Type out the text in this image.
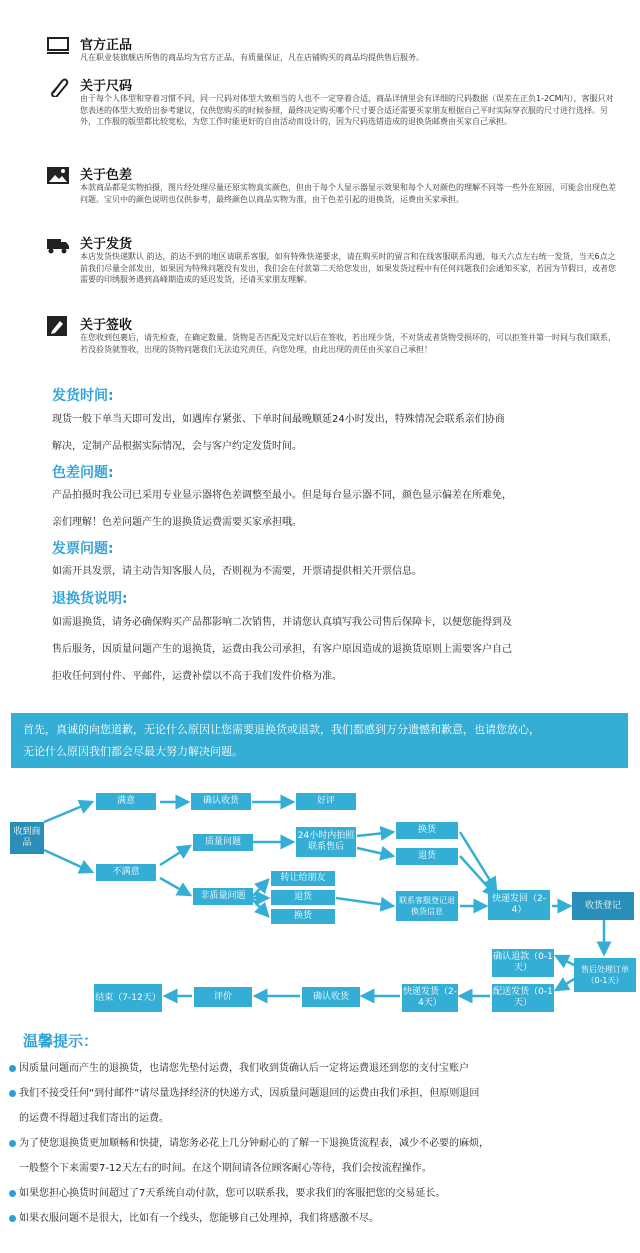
官方正品
凡在职业装旗舰店所售的商品均为官方正品，有质量保证，凡在店铺购买的商品均提供售后服务。
关于尺码
由于每个人体型和穿着习惯不同，同一尺码对体型大致相当的人也不一定穿着合适，商品详情里会有详细的尺码数据（误差在正负1-2CM内），客服只对您表述的体型大致给出参考建议，仅供您购买的时候参照，最终决定购买哪个尺寸要合适还需要买家朋友根据自己平时实际穿衣服的尺寸进行选择。另外，工作服的版型都比较宽松，为您工作时能更好的自由活动而设计的，因为尺码选错造成的退换货邮费由买家自己承担。
关于色差
本款商品都是实物拍摄，图片经处理尽量还原实物真实颜色，但由于每个人显示器显示效果和每个人对颜色的理解不同等一些外在原因，可能会出现色差问题。宝贝中的颜色说明也仅供参考，最终颜色以商品实物为准，由于色差引起的退换货，运费由买家承担。
关于发货
本店发货快递默认 韵达，韵达不到的地区请联系客服，如有特殊快递要求，请在购买时的留言和在线客服联系沟通，每天六点左右统一发货，当天6点之前我们尽量全部发出，如果因为特殊问题没有发出，我们会在付款第二天给您发出，如果发货过程中有任何问题我们会通知买家，若因为节假日，或者您需要的印绣服务遇到高峰期造成的延迟发货，还请买家朋友理解。
关于签收
在您收到包裹后，请先检查，在确定数量、货物是否匹配及完好以后在签收，若出现少货，不对货或者货物受损坏的，可以拒签并第一时间与我们联系，若没验货就签收，出现的货物问题我们无法追究责任，向您处理，由此出现的责任由买家自己承担！
发货时间:
现货一般下单当天即可发出，如遇库存紧张、下单时间最晚顺延24小时发出，特殊情况会联系亲们协商
解决，定制产品根据实际情况，会与客户约定发货时间。
色差问题:
产品拍摄时我公司已采用专业显示器将色差调整至最小。但是每台显示器不同，颜色显示偏差在所难免，
亲们理解！色差问题产生的退换货运费需要买家承担哦。
发票问题:
如需开具发票，请主动告知客服人员，否则视为不需要，开票请提供相关开票信息。
退换货说明:
如需退换货，请务必确保购买产品都影响二次销售，并请您认真填写我公司售后保障卡，以便您能得到及
售后服务，因质量问题产生的退换货，运费由我公司承担，有客户原因造成的退换货原则上需要客户自己
拒收任何到付件、平邮件，运费补偿以不高于我们发件价格为准。
首先，真诚的向您道歉，无论什么原因让您需要退换货或退款，我们都感到万分遗憾和歉意，也请您放心，
无论什么原因我们都会尽最大努力解决问题。
收到商品
满意	确认收货	好评
不满意
质量问题
24小时内拍照联系售后
换货
退货
非质量问题
转让给朋友
退货
换货
联系客服登记退换货信息
快递发回（2-4）	收货登记
售后处理订单（0-1天）
确认退款（0-1天）
配送发货（0-1天）
快递发货（2-4天）
确认收货
评价
结束（7-12天）
温馨提示：
因质量问题而产生的退换货，也请您先垫付运费，我们收到货确认后一定将运费退还到您的支付宝账户
我们不接受任何“到付邮件”请尽量选择经济的快递方式，因质量问题退回的运费由我们承担，但原则退回
的运费不得超过我们寄出的运费。
为了使您退换货更加顺畅和快捷，请您务必花上几分钟耐心的了解一下退换货流程表，减少不必要的麻烦，
一般整个下来需要7-12天左右的时间。在这个期间请各位顾客耐心等待，我们会按流程操作。
如果您担心换货时间超过了7天系统自动付款，您可以联系我，要求我们的客服把您的交易延长。
如果衣服问题不是很大，比如有一个线头，您能够自己处理掉，我们将感激不尽。
